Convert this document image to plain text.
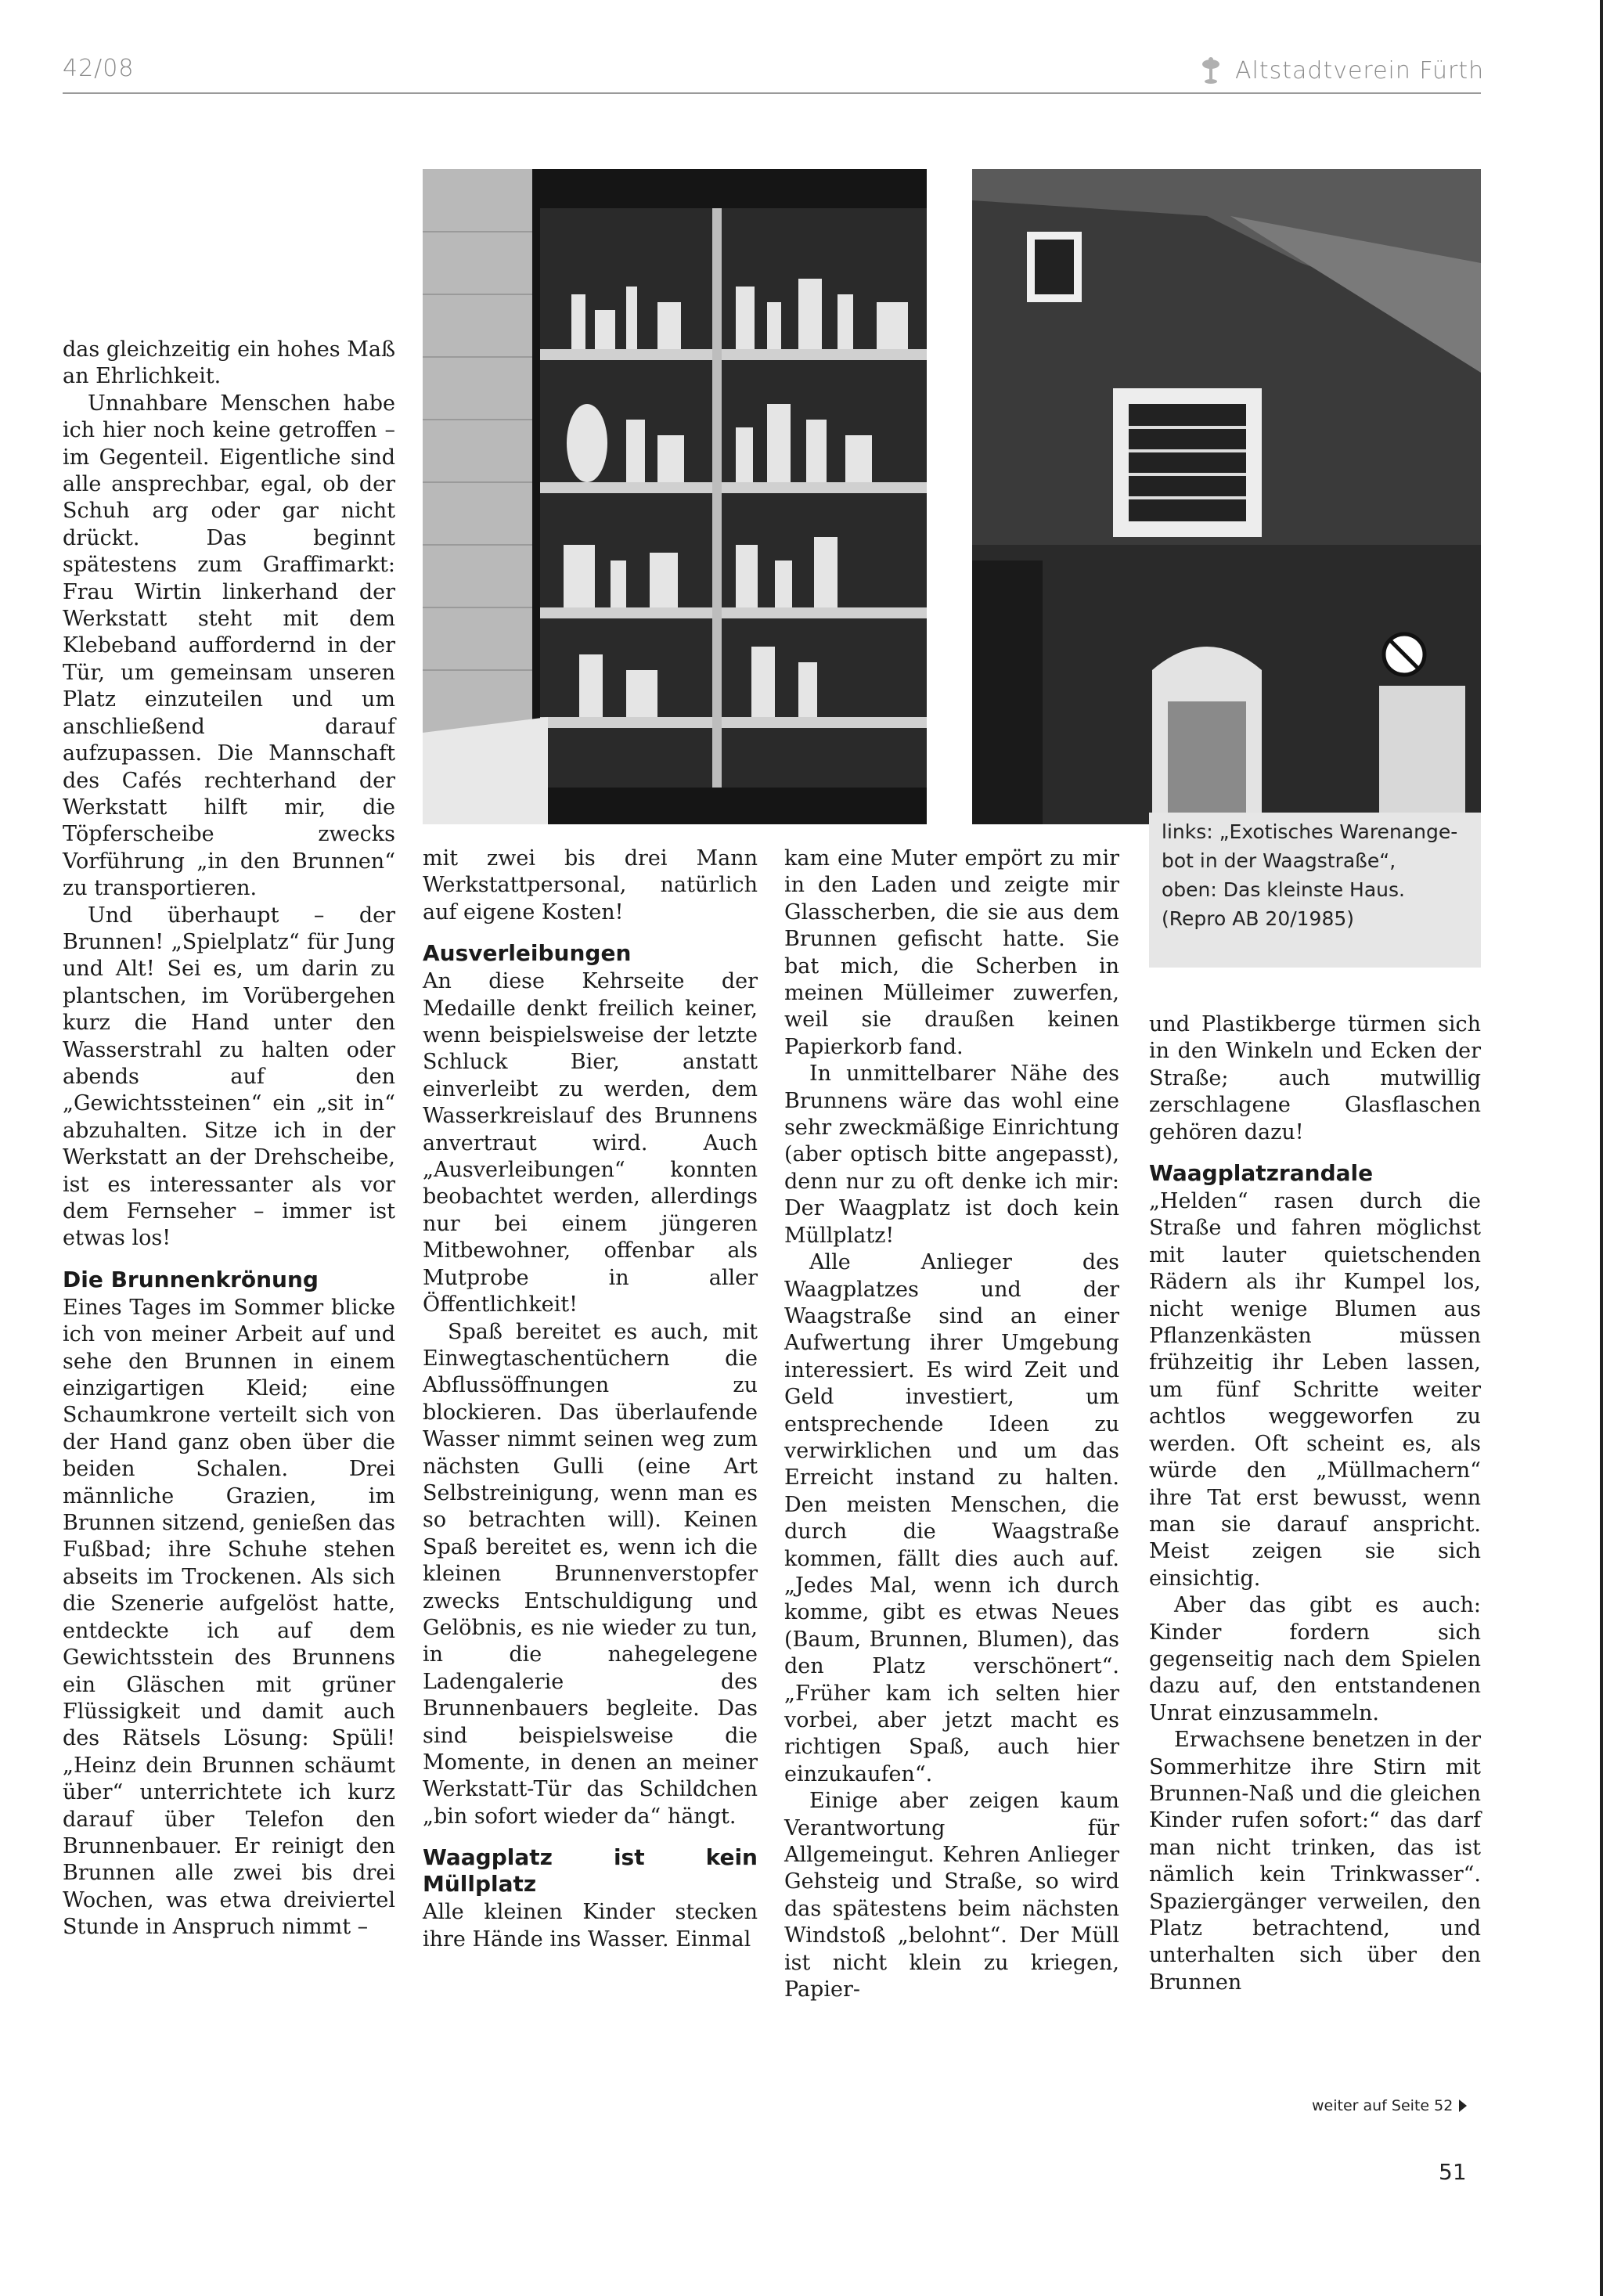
42/08	Altstadtverein Fürth

das gleichzeitig ein hohes Maß an Ehrlichkeit.

Unnahbare Menschen habe ich hier noch keine getroffen – im Gegenteil. Eigentliche sind alle ansprechbar, egal, ob der Schuh arg oder gar nicht drückt. Das beginnt spätestens zum Graffimarkt: Frau Wirtin linkerhand der Werkstatt steht mit dem Klebeband auffordernd in der Tür, um gemeinsam unseren Platz einzuteilen und um anschließend darauf aufzupassen. Die Mannschaft des Cafés rechterhand der Werkstatt hilft mir, die Töpferscheibe zwecks Vorführung „in den Brunnen“ zu transportieren.

Und überhaupt – der Brunnen! „Spielplatz“ für Jung und Alt! Sei es, um darin zu plantschen, im Vorübergehen kurz die Hand unter den Wasserstrahl zu halten oder abends auf den „Gewichtssteinen“ ein „sit in“ abzuhalten. Sitze ich in der Werkstatt an der Drehscheibe, ist es interessanter als vor dem Fernseher – immer ist etwas los!

Die Brunnenkrönung

Eines Tages im Sommer blicke ich von meiner Arbeit auf und sehe den Brunnen in einem einzigartigen Kleid; eine Schaumkrone verteilt sich von der Hand ganz oben über die beiden Schalen. Drei männliche Grazien, im Brunnen sitzend, genießen das Fußbad; ihre Schuhe stehen abseits im Trockenen. Als sich die Szenerie aufgelöst hatte, entdeckte ich auf dem Gewichtsstein des Brunnens ein Gläschen mit grüner Flüssigkeit und damit auch des Rätsels Lösung: Spüli! „Heinz dein Brunnen schäumt über“ unterrichtete ich kurz darauf über Telefon den Brunnenbauer. Er reinigt den Brunnen alle zwei bis drei Wochen, was etwa dreiviertel Stunde in Anspruch nimmt –

mit zwei bis drei Mann Werkstattpersonal, natürlich auf eigene Kosten!

Ausverleibungen

An diese Kehrseite der Medaille denkt freilich keiner, wenn beispielsweise der letzte Schluck Bier, anstatt einverleibt zu werden, dem Wasserkreislauf des Brunnens anvertraut wird. Auch „Ausverleibungen“ konnten beobachtet werden, allerdings nur bei einem jüngeren Mitbewohner, offenbar als Mutprobe in aller Öffentlichkeit!

Spaß bereitet es auch, mit Einwegtaschentüchern die Abflussöffnungen zu blockieren. Das überlaufende Wasser nimmt seinen weg zum nächsten Gulli (eine Art Selbstreinigung, wenn man es so betrachten will). Keinen Spaß bereitet es, wenn ich die kleinen Brunnenverstopfer zwecks Entschuldigung und Gelöbnis, es nie wieder zu tun, in die nahegelegene Ladengalerie des Brunnenbauers begleite. Das sind beispielsweise die Momente, in denen an meiner Werkstatt-Tür das Schildchen „bin sofort wieder da“ hängt.

Waagplatz ist kein Müllplatz

Alle kleinen Kinder stecken ihre Hände ins Wasser. Einmal

kam eine Muter empört zu mir in den Laden und zeigte mir Glasscherben, die sie aus dem Brunnen gefischt hatte. Sie bat mich, die Scherben in meinen Mülleimer zuwerfen, weil sie draußen keinen Papierkorb fand.

In unmittelbarer Nähe des Brunnens wäre das wohl eine sehr zweckmäßige Einrichtung (aber optisch bitte angepasst), denn nur zu oft denke ich mir: Der Waagplatz ist doch kein Müllplatz!

Alle Anlieger des Waagplatzes und der Waagstraße sind an einer Aufwertung ihrer Umgebung interessiert. Es wird Zeit und Geld investiert, um entsprechende Ideen zu verwirklichen und um das Erreicht instand zu halten. Den meisten Menschen, die durch die Waagstraße kommen, fällt dies auch auf. „Jedes Mal, wenn ich durch komme, gibt es etwas Neues (Baum, Brunnen, Blumen), das den Platz verschönert“. „Früher kam ich selten hier vorbei, aber jetzt macht es richtigen Spaß, auch hier einzukaufen“.

Einige aber zeigen kaum Verantwortung für Allgemeingut. Kehren Anlieger Gehsteig und Straße, so wird das spätestens beim nächsten Windstoß „belohnt“. Der Müll ist nicht klein zu kriegen, Papier-

links: „Exotisches Warenange-
bot in der Waagstraße“,
oben: Das kleinste Haus.
(Repro AB 20/1985)

und Plastikberge türmen sich in den Winkeln und Ecken der Straße; auch mutwillig zerschlagene Glasflaschen gehören dazu!

Waagplatzrandale

„Helden“ rasen durch die Straße und fahren möglichst mit lauter quietschenden Rädern als ihr Kumpel los, nicht wenige Blumen aus Pflanzenkästen müssen frühzeitig ihr Leben lassen, um fünf Schritte weiter achtlos weggeworfen zu werden. Oft scheint es, als würde den „Müllmachern“ ihre Tat erst bewusst, wenn man sie darauf anspricht. Meist zeigen sie sich einsichtig.

Aber das gibt es auch: Kinder fordern sich gegenseitig nach dem Spielen dazu auf, den entstandenen Unrat einzusammeln.

Erwachsene benetzen in der Sommerhitze ihre Stirn mit Brunnen-Naß und die gleichen Kinder rufen sofort:“ das darf man nicht trinken, das ist nämlich kein Trinkwasser“. Spaziergänger verweilen, den Platz betrachtend, und unterhalten sich über den Brunnen

weiter auf Seite 52
51
